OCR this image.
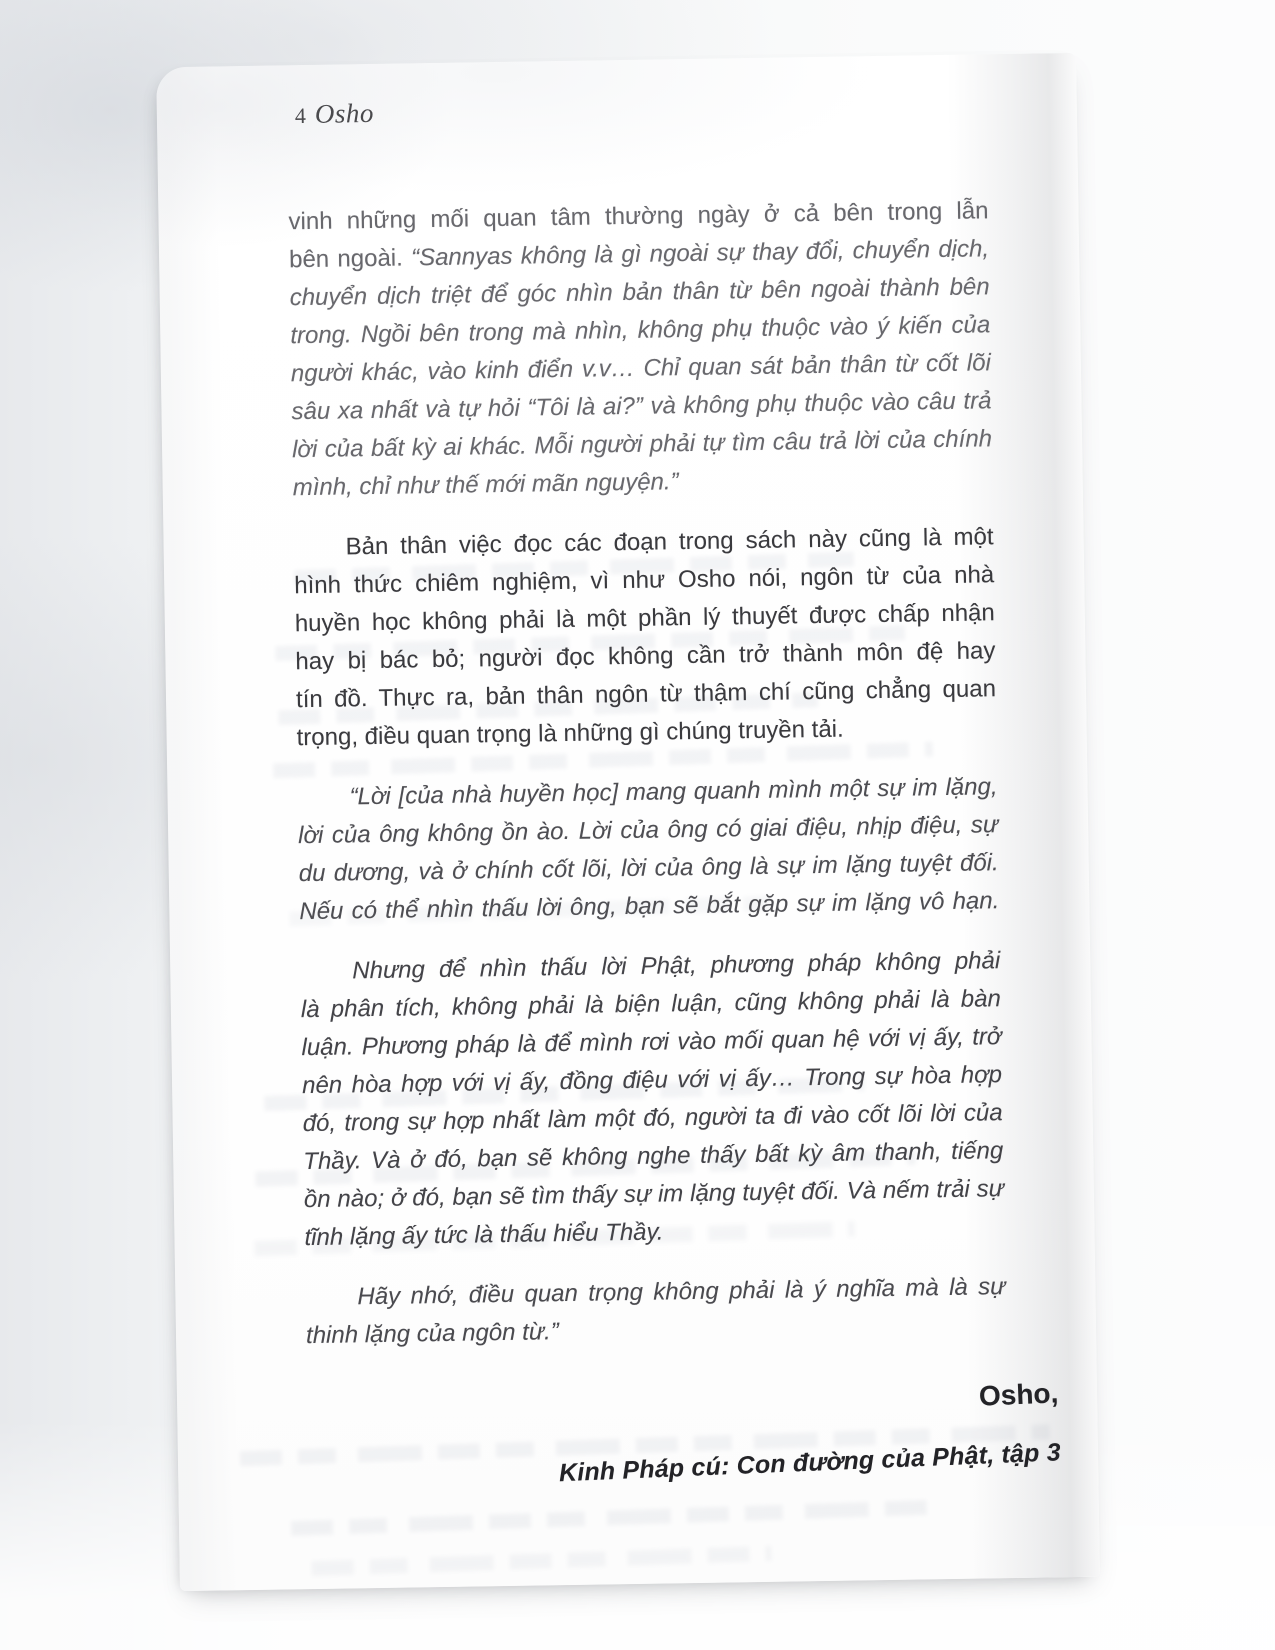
4 Osho
vinh những mối quan tâm thường ngày ở cả bên trong lẫn
bên ngoài. “Sannyas không là gì ngoài sự thay đổi, chuyển dịch,
chuyển dịch triệt để góc nhìn bản thân từ bên ngoài thành bên
trong. Ngồi bên trong mà nhìn, không phụ thuộc vào ý kiến của
người khác, vào kinh điển v.v… Chỉ quan sát bản thân từ cốt lõi
sâu xa nhất và tự hỏi “Tôi là ai?” và không phụ thuộc vào câu trả
lời của bất kỳ ai khác. Mỗi người phải tự tìm câu trả lời của chính
mình, chỉ như thế mới mãn nguyện.”
Bản thân việc đọc các đoạn trong sách này cũng là một
hình thức chiêm nghiệm, vì như Osho nói, ngôn từ của nhà
huyền học không phải là một phần lý thuyết được chấp nhận
hay bị bác bỏ; người đọc không cần trở thành môn đệ hay
tín đồ. Thực ra, bản thân ngôn từ thậm chí cũng chẳng quan
trọng, điều quan trọng là những gì chúng truyền tải.
“Lời [của nhà huyền học] mang quanh mình một sự im lặng,
lời của ông không ồn ào. Lời của ông có giai điệu, nhịp điệu, sự
du dương, và ở chính cốt lõi, lời của ông là sự im lặng tuyệt đối.
Nếu có thể nhìn thấu lời ông, bạn sẽ bắt gặp sự im lặng vô hạn.
Nhưng để nhìn thấu lời Phật, phương pháp không phải
là phân tích, không phải là biện luận, cũng không phải là bàn
luận. Phương pháp là để mình rơi vào mối quan hệ với vị ấy, trở
nên hòa hợp với vị ấy, đồng điệu với vị ấy… Trong sự hòa hợp
đó, trong sự hợp nhất làm một đó, người ta đi vào cốt lõi lời của
Thầy. Và ở đó, bạn sẽ không nghe thấy bất kỳ âm thanh, tiếng
ồn nào; ở đó, bạn sẽ tìm thấy sự im lặng tuyệt đối. Và nếm trải sự
tĩnh lặng ấy tức là thấu hiểu Thầy.
Hãy nhớ, điều quan trọng không phải là ý nghĩa mà là sự
thinh lặng của ngôn từ.”
Osho,
Kinh Pháp cú: Con đường của Phật, tập 3
